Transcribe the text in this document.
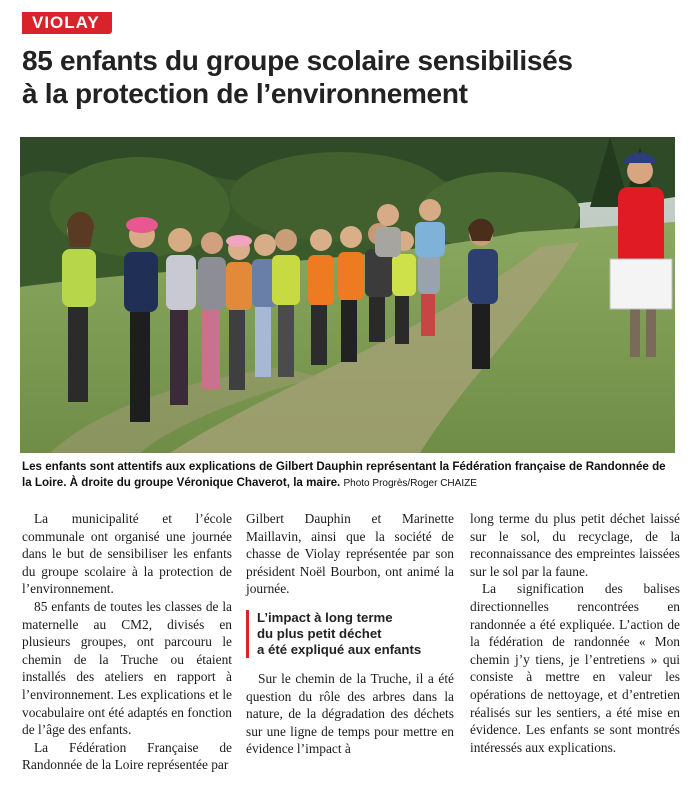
VIOLAY
85 enfants du groupe scolaire sensibilisés
à la protection de l’environnement
Les enfants sont attentifs aux explications de Gilbert Dauphin représentant la Fédération française de Randonnée de la Loire. À droite du groupe Véronique Chaverot, la maire. Photo Progrès/Roger CHAIZE

La municipalité et l’école communale ont organisé une journée dans le but de sensibiliser les enfants du groupe scolaire à la protection de l’environnement.

85 enfants de toutes les classes de la maternelle au CM2, divisés en plusieurs groupes, ont parcouru le chemin de la Truche ou étaient installés des ateliers en rapport à l’environnement. Les explications et le vocabulaire ont été adaptés en fonction de l’âge des enfants.

La Fédération Française de Randonnée de la Loire représentée par

Gilbert Dauphin et Marinette Maillavin, ainsi que la société de chasse de Violay représentée par son président Noël Bourbon, ont animé la journée.

L’impact à long terme
du plus petit déchet
a été expliqué aux enfants

Sur le chemin de la Truche, il a été question du rôle des arbres dans la nature, de la dégradation des déchets sur une ligne de temps pour mettre en évidence l’impact à

long terme du plus petit déchet laissé sur le sol, du recyclage, de la reconnaissance des empreintes laissées sur le sol par la faune.

La signification des balises directionnelles rencontrées en randonnée a été expliquée. L’action de la fédération de randonnée « Mon chemin j’y tiens, je l’entretiens » qui consiste à mettre en valeur les opérations de nettoyage, et d’entretien réalisés sur les sentiers, a été mise en évidence. Les enfants se sont montrés intéressés aux explications.
